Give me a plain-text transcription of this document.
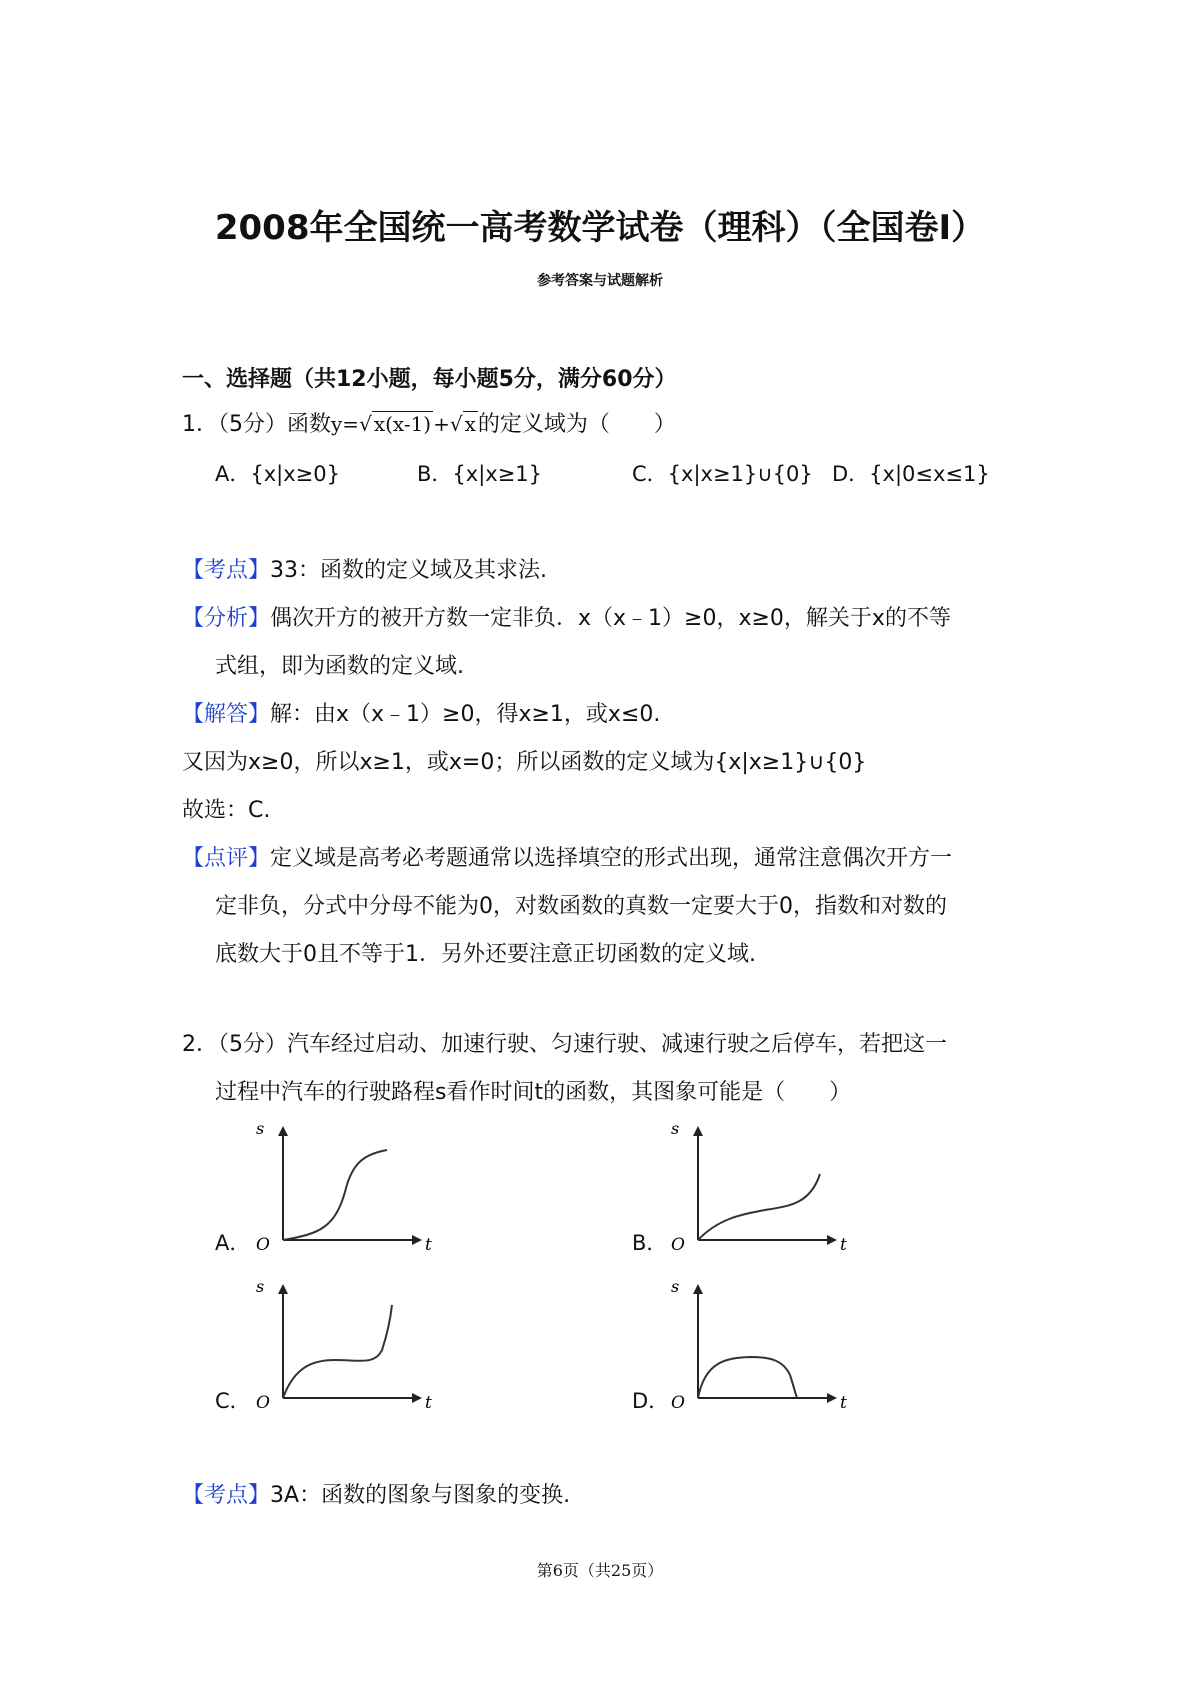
2008年全国统一高考数学试卷（理科）（全国卷Ⅰ）
参考答案与试题解析
一、选择题（共12小题，每小题5分，满分60分）
1．（5分）函数y=√ x(x-1) +√ x的定义域为（　　）
A．{x|x≥0}	B．{x|x≥1}	C．{x|x≥1}∪{0} D．{x|0≤x≤1}
【考点】33：函数的定义域及其求法.
【分析】偶次开方的被开方数一定非负．x（x﹣1）≥0，x≥0，解关于x的不等
式组，即为函数的定义域.
【解答】解：由x（x﹣1）≥0，得x≥1，或x≤0.
又因为x≥0，所以x≥1，或x=0；所以函数的定义域为{x|x≥1}∪{0}
故选：C.
【点评】定义域是高考必考题通常以选择填空的形式出现，通常注意偶次开方一
定非负，分式中分母不能为0，对数函数的真数一定要大于0，指数和对数的
底数大于0且不等于1．另外还要注意正切函数的定义域.
2．（5分）汽车经过启动、加速行驶、匀速行驶、减速行驶之后停车，若把这一
过程中汽车的行驶路程s看作时间t的函数，其图象可能是（　　）
A．
s
O	t	B．
s
O	t
C．
s
O	t	D．
s
O	t
【考点】3A：函数的图象与图象的变换.
第6页（共25页）
